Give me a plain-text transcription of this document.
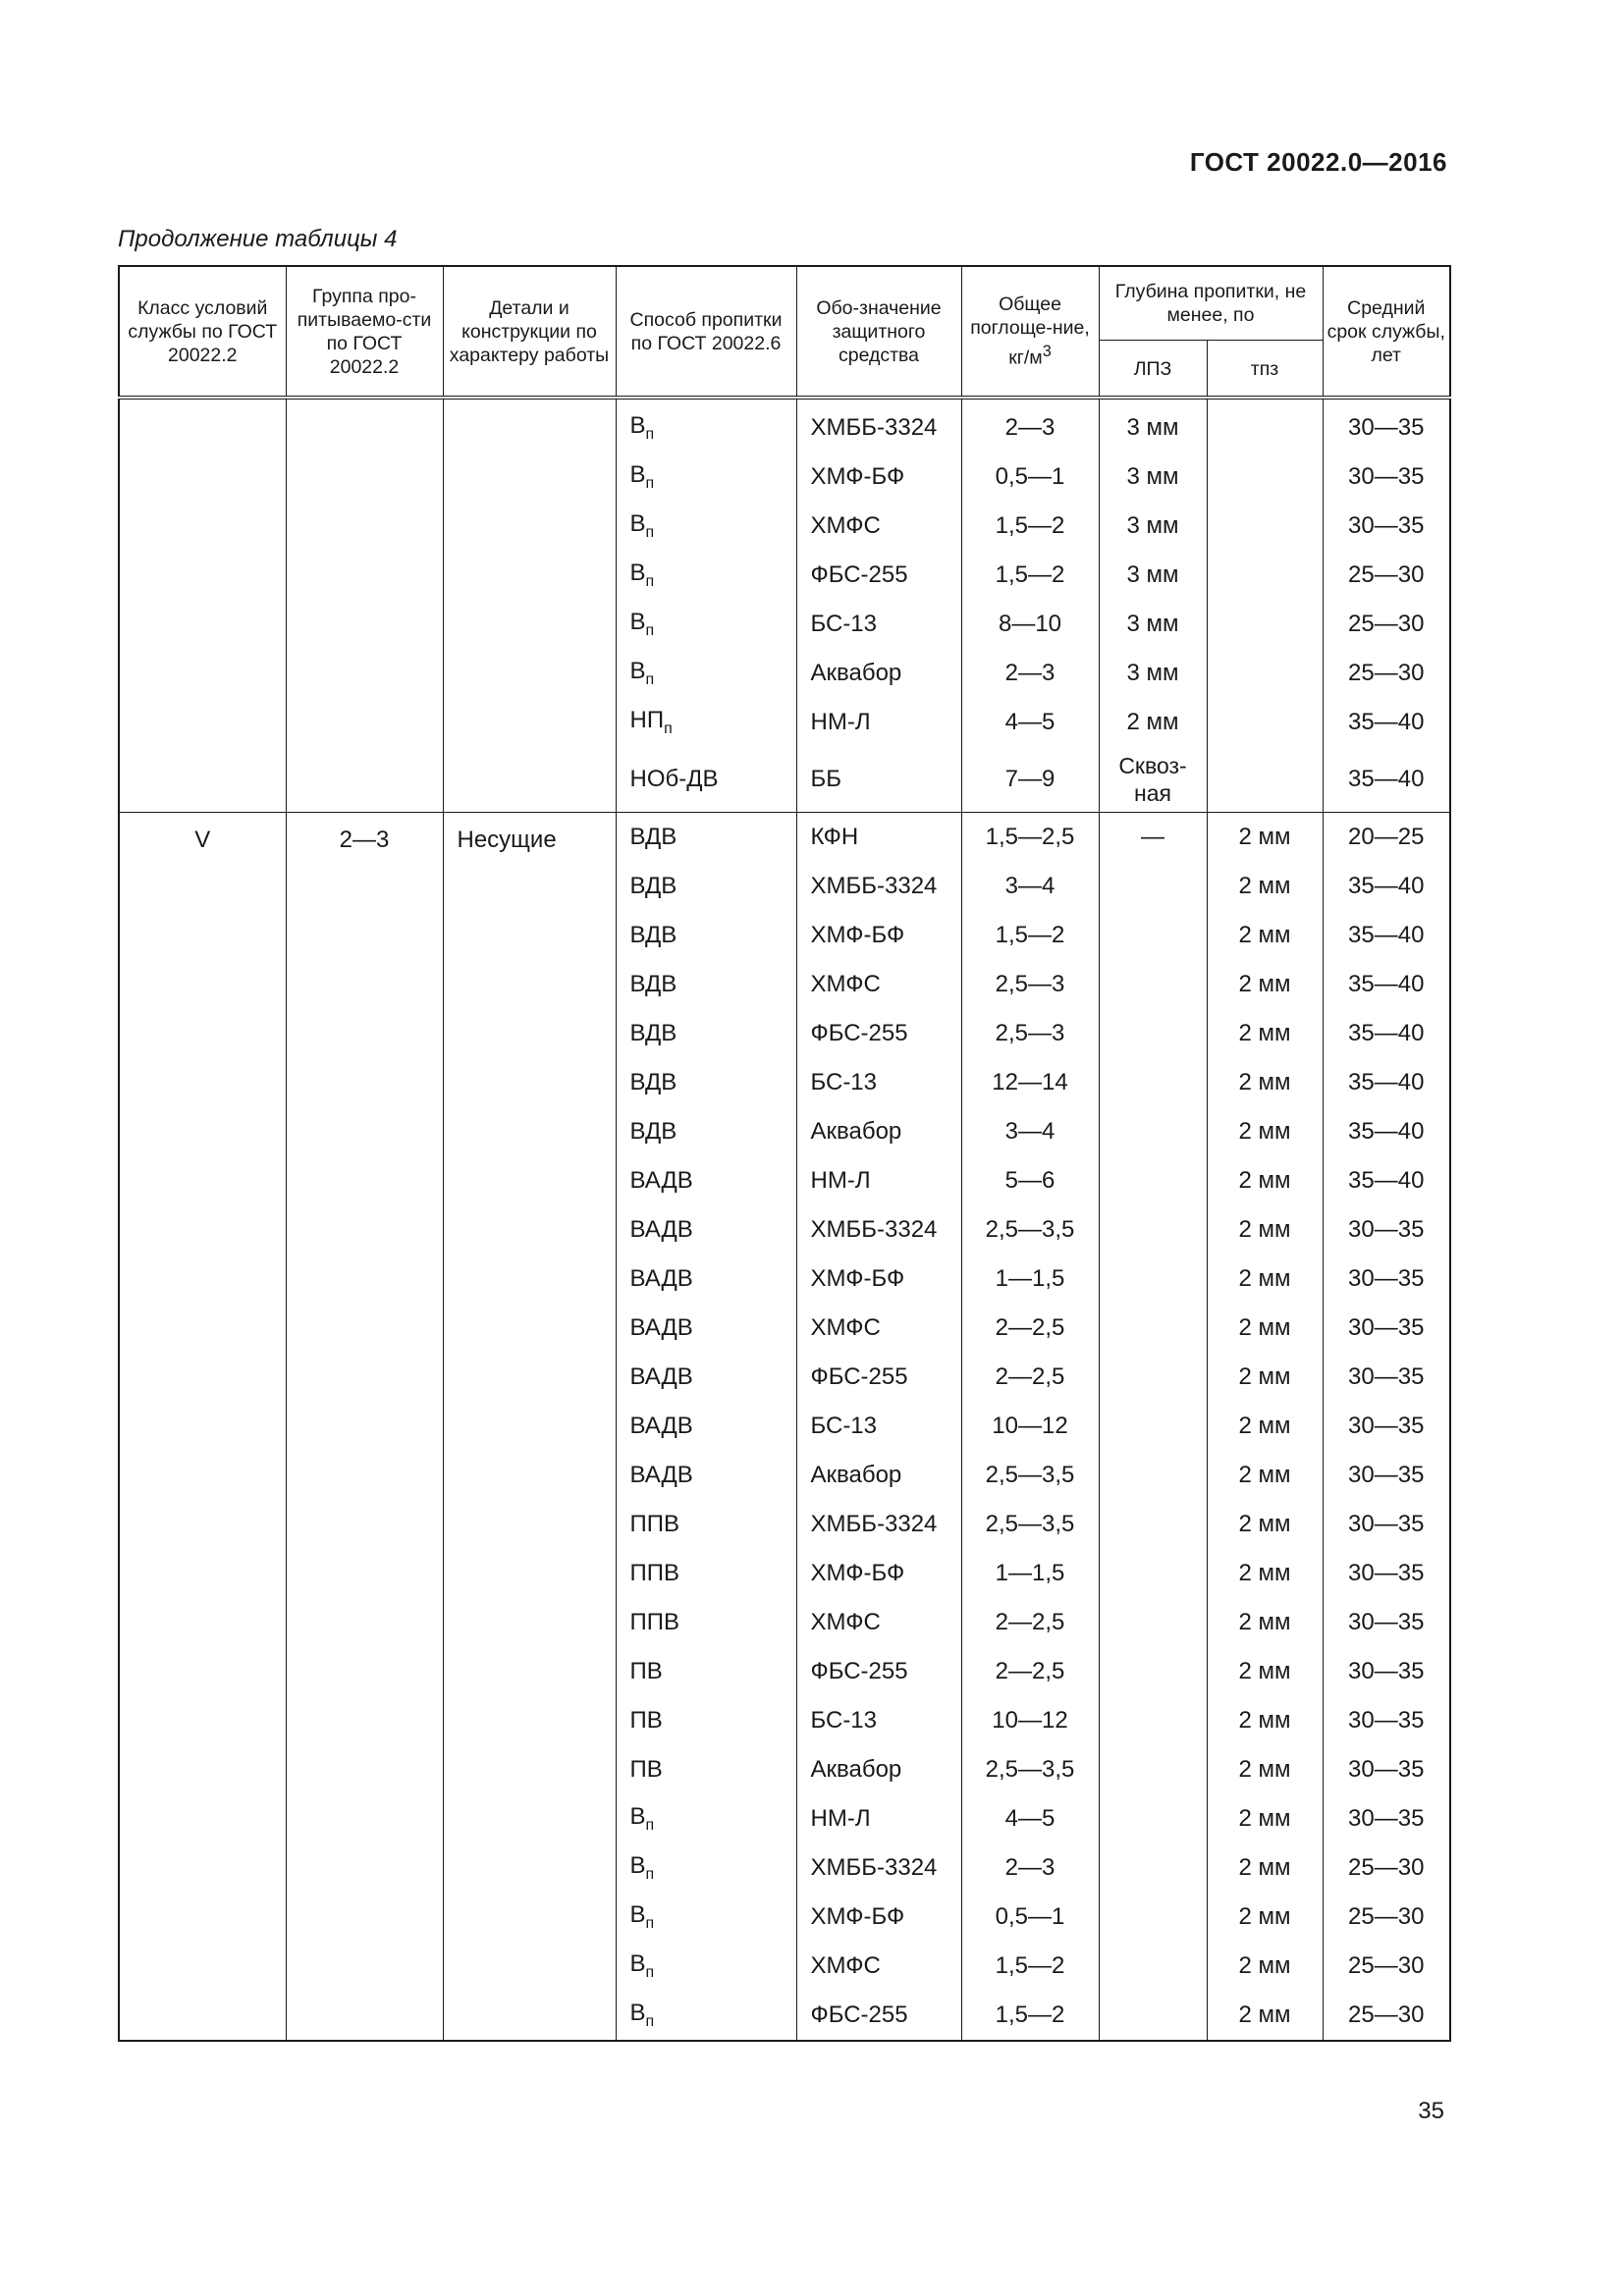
ГОСТ 20022.0—2016
Продолжение таблицы 4
Класс условий службы по ГОСТ 20022.2	Группа про-питываемо-сти по ГОСТ 20022.2	Детали и конструкции по характеру работы	Способ пропитки по ГОСТ 20022.6	Обо-значение защитного средства	Общее поглоще-ние, $кг/м^3$	Глубина пропитки, не менее, по		Средний срок службы, лет
						ЛПЗ	тпз	

			$В_п$	ХМББ-3324	2—3	3 мм		30—35
			$В_п$	ХМФ-БФ	0,5—1	3 мм		30—35
			$В_п$	ХМФС	1,5—2	3 мм		30—35
			$В_п$	ФБС-255	1,5—2	3 мм		25—30
			$В_п$	БС-13	8—10	3 мм		25—30
			$В_п$	Аквабор	2—3	3 мм		25—30
			$НП_п$	НМ-Л	4—5	2 мм		35—40
			НОб-ДВ	ББ	7—9	Сквоз-ная		35—40
V	2—3	Несущие	ВДВ	КФН	1,5—2,5	—	2 мм	20—25
			ВДВ	ХМББ-3324	3—4		2 мм	35—40
			ВДВ	ХМФ-БФ	1,5—2		2 мм	35—40
			ВДВ	ХМФС	2,5—3		2 мм	35—40
			ВДВ	ФБС-255	2,5—3		2 мм	35—40
			ВДВ	БС-13	12—14		2 мм	35—40
			ВДВ	Аквабор	3—4		2 мм	35—40
			ВАДВ	НМ-Л	5—6		2 мм	35—40
			ВАДВ	ХМББ-3324	2,5—3,5		2 мм	30—35
			ВАДВ	ХМФ-БФ	1—1,5		2 мм	30—35
			ВАДВ	ХМФС	2—2,5		2 мм	30—35
			ВАДВ	ФБС-255	2—2,5		2 мм	30—35
			ВАДВ	БС-13	10—12		2 мм	30—35
			ВАДВ	Аквабор	2,5—3,5		2 мм	30—35
			ППВ	ХМББ-3324	2,5—3,5		2 мм	30—35
			ППВ	ХМФ-БФ	1—1,5		2 мм	30—35
			ППВ	ХМФС	2—2,5		2 мм	30—35
			ПВ	ФБС-255	2—2,5		2 мм	30—35
			ПВ	БС-13	10—12		2 мм	30—35
			ПВ	Аквабор	2,5—3,5		2 мм	30—35
			$В_п$	НМ-Л	4—5		2 мм	30—35
			$В_п$	ХМББ-3324	2—3		2 мм	25—30
			$В_п$	ХМФ-БФ	0,5—1		2 мм	25—30
			$В_п$	ХМФС	1,5—2		2 мм	25—30
			$В_п$	ФБС-255	1,5—2		2 мм	25—30
35
